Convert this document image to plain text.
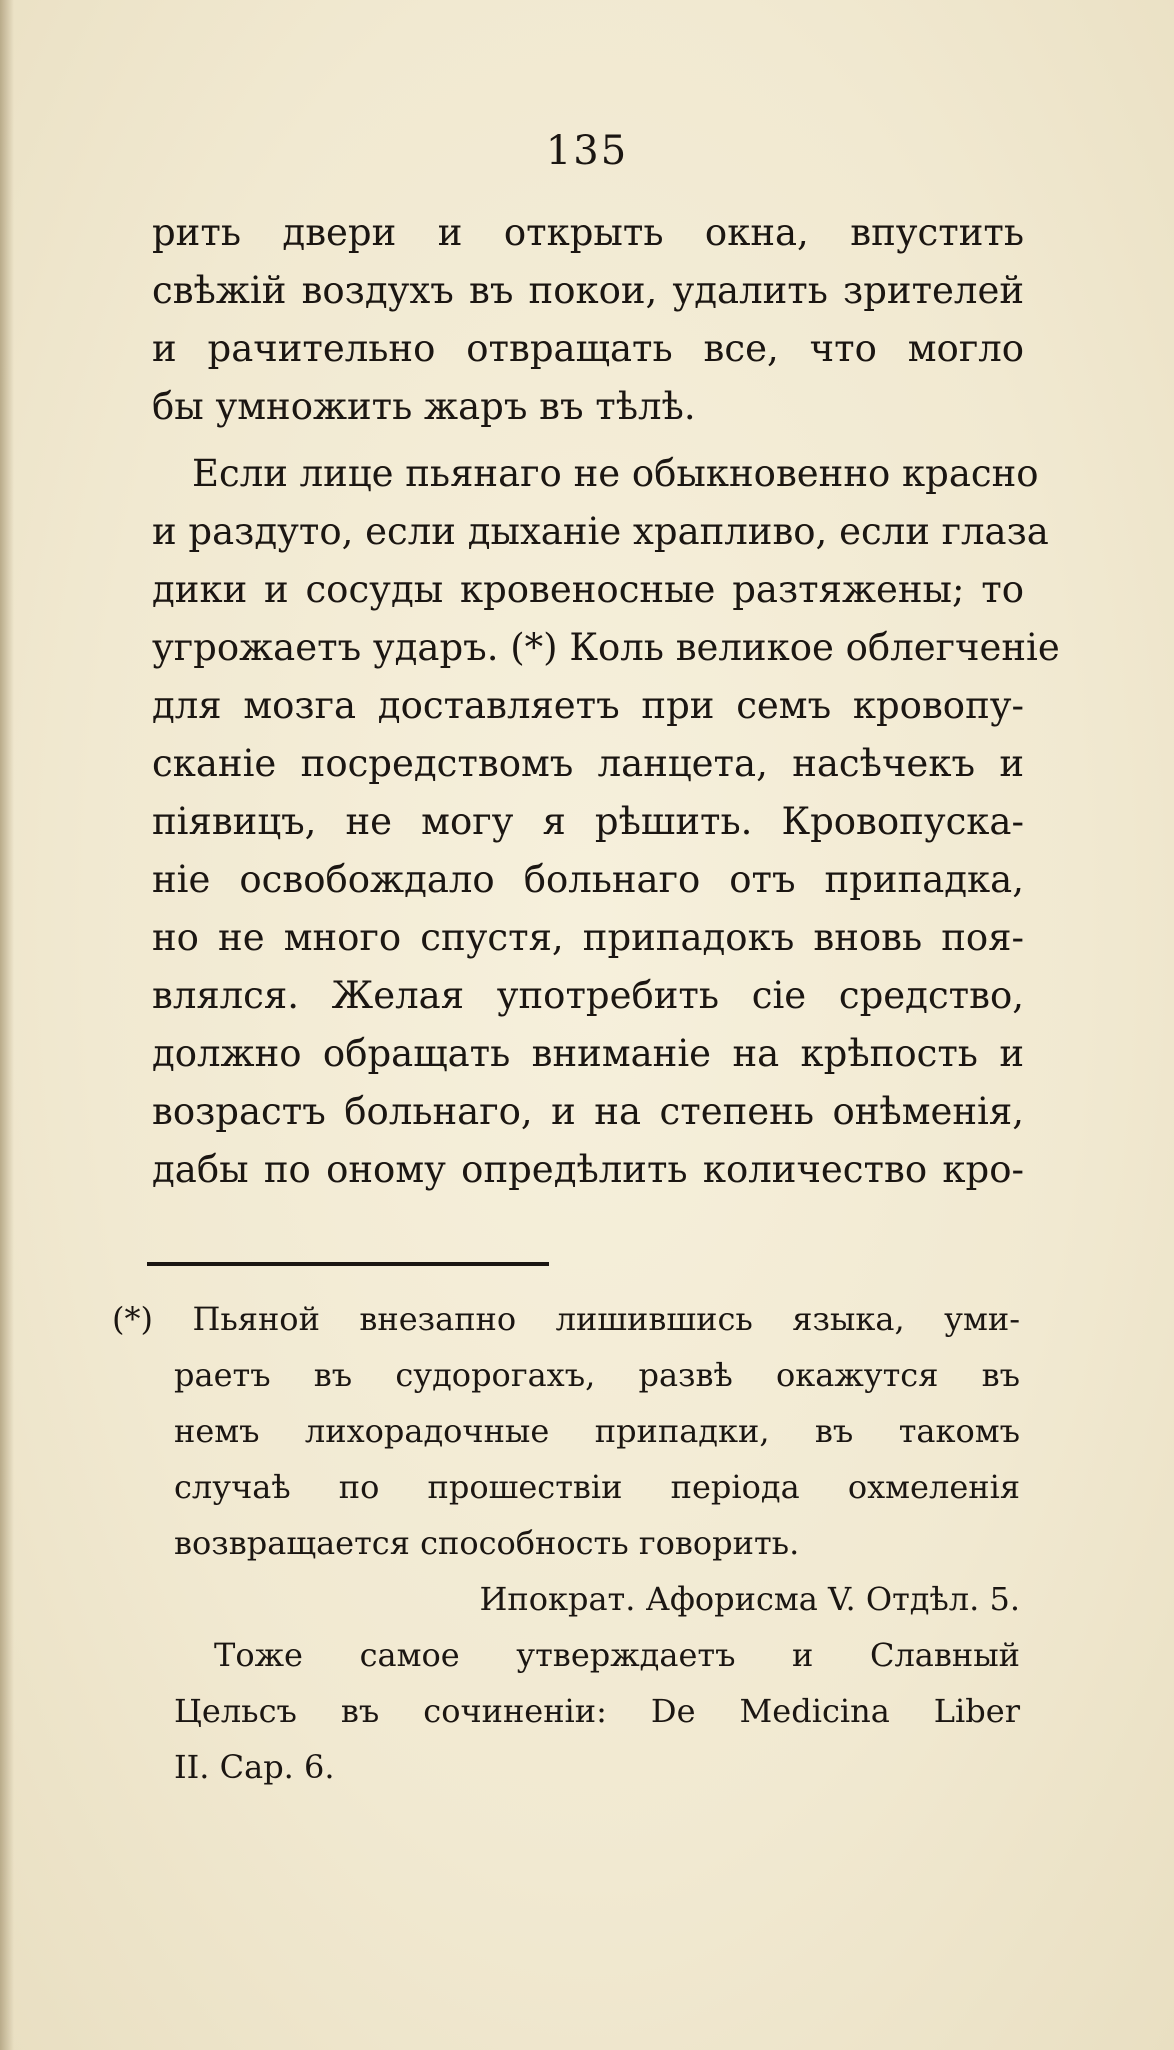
135
рить двери и открыть окна, впустить
свѣжій воздухъ въ покои, удалить зрителей
и рачительно отвращать все, что могло
бы умножить жаръ въ тѣлѣ.
Если лице пьянаго не обыкновенно красно
и раздуто, если дыханіе храпливо, если глаза
дики и сосуды кровеносные разтяжены; то
угрожаетъ ударъ. (*) Коль великое облегченіе
для мозга доставляетъ при семъ кровопу-
сканіе посредствомъ ланцета, насѣчекъ и
піявицъ, не могу я рѣшить. Кровопуска-
ніе освобождало больнаго отъ припадка,
но не много спустя, припадокъ вновь поя-
влялся. Желая употребить сіе средство,
должно обращать вниманіе на крѣпость и
возрастъ больнаго, и на степень онѣменія,
дабы по оному опредѣлить количество кро-
(*) Пьяной внезапно лишившись языка, уми-
раетъ въ судорогахъ, развѣ окажутся въ
немъ лихорадочные припадки, въ такомъ
случаѣ по прошествіи періода охмеленія
возвращается способность говорить.
Ипократ. Афорисма V. Отдѣл. 5.
Тоже самое утверждаетъ и Славный
Цельсъ въ сочиненіи: De Medicina Liber
II. Cap. 6.
